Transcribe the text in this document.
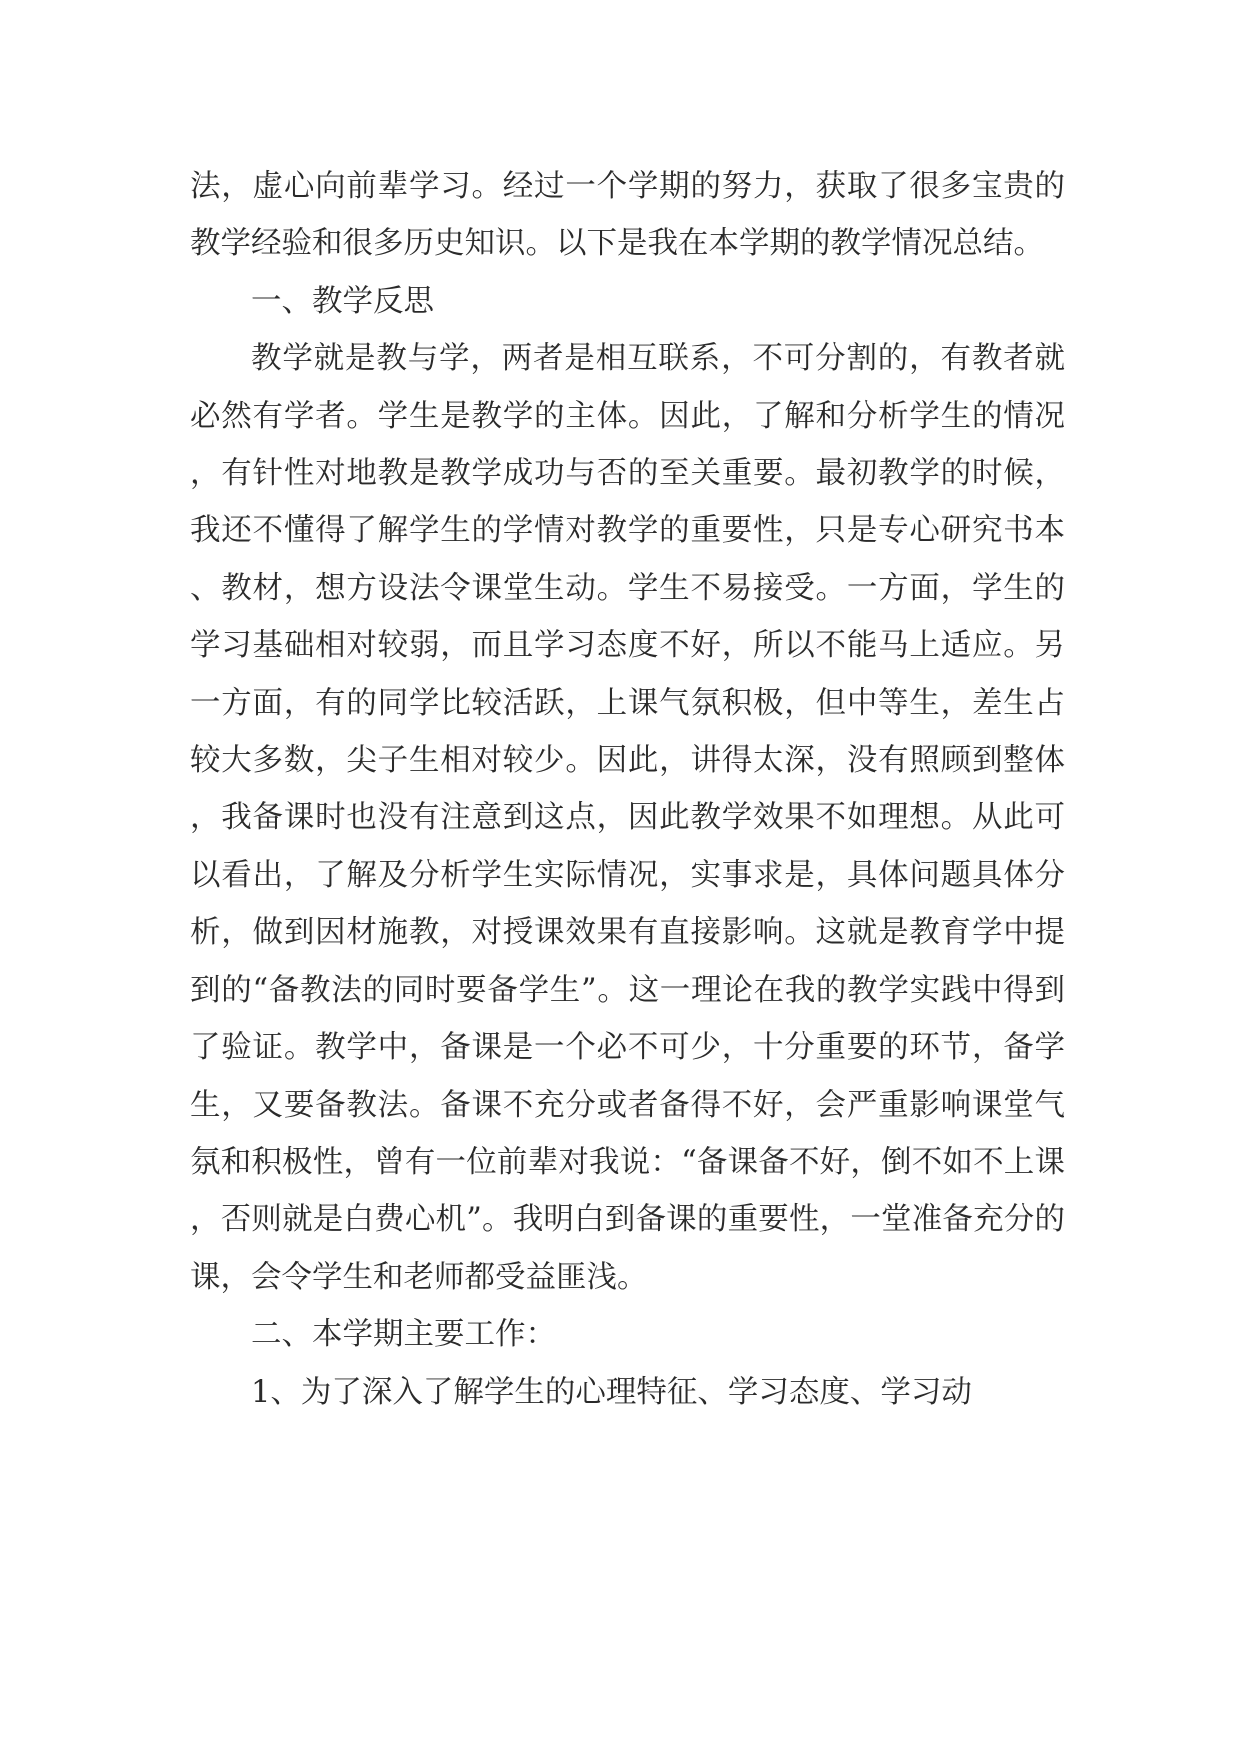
法，虚心向前辈学习。经过一个学期的努力，获取了很多宝贵的教学经验和很多历史知识。以下是我在本学期的教学情况总结。

一、教学反思

教学就是教与学，两者是相互联系，不可分割的，有教者就必然有学者。学生是教学的主体。因此，了解和分析学生的情况，有针性对地教是教学成功与否的至关重要。最初教学的时候，我还不懂得了解学生的学情对教学的重要性，只是专心研究书本、教材，想方设法令课堂生动。学生不易接受。一方面，学生的学习基础相对较弱，而且学习态度不好，所以不能马上适应。另一方面，有的同学比较活跃，上课气氛积极，但中等生，差生占较大多数，尖子生相对较少。因此，讲得太深，没有照顾到整体，我备课时也没有注意到这点，因此教学效果不如理想。从此可以看出，了解及分析学生实际情况，实事求是，具体问题具体分析，做到因材施教，对授课效果有直接影响。这就是教育学中提到的“备教法的同时要备学生”。这一理论在我的教学实践中得到了验证。教学中，备课是一个必不可少，十分重要的环节，备学生，又要备教法。备课不充分或者备得不好，会严重影响课堂气氛和积极性，曾有一位前辈对我说：“备课备不好，倒不如不上课，否则就是白费心机”。我明白到备课的重要性，一堂准备充分的课，会令学生和老师都受益匪浅。

二、本学期主要工作：

1、为了深入了解学生的心理特征、学习态度、学习动
